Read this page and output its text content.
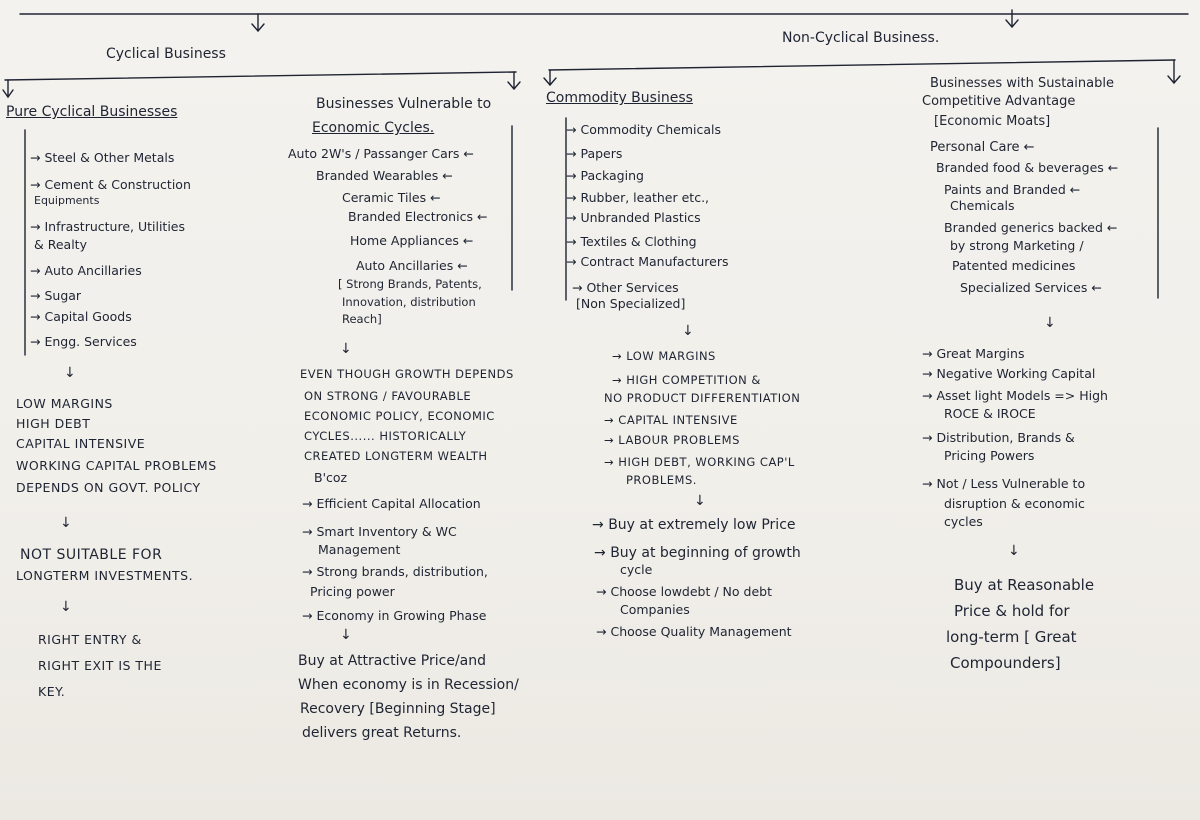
Cyclical Business
Non-Cyclical Business.
Pure Cyclical Businesses
→ Steel & Other Metals
→ Cement & Construction
Equipments
→ Infrastructure, Utilities
& Realty
→ Auto Ancillaries
→ Sugar
→ Capital Goods
→ Engg. Services
↓
LOW MARGINS
HIGH DEBT
CAPITAL INTENSIVE
WORKING CAPITAL PROBLEMS
DEPENDS ON GOVT. POLICY
↓
NOT SUITABLE FOR
LONGTERM INVESTMENTS.
↓
RIGHT ENTRY &
RIGHT EXIT IS THE
KEY.
Businesses Vulnerable to
Economic Cycles.
Auto 2W's / Passanger Cars ←
Branded Wearables ←
Ceramic Tiles ←
Branded Electronics ←
Home Appliances ←
Auto Ancillaries ←
[ Strong Brands, Patents,
Innovation, distribution
Reach]
↓
EVEN THOUGH GROWTH DEPENDS
ON STRONG / FAVOURABLE
ECONOMIC POLICY, ECONOMIC
CYCLES...... HISTORICALLY
CREATED LONGTERM WEALTH
B'coz
→ Efficient Capital Allocation
→ Smart Inventory & WC
Management
→ Strong brands, distribution,
Pricing power
→ Economy in Growing Phase
↓
Buy at Attractive Price/and
When economy is in Recession/
Recovery [Beginning Stage]
delivers great Returns.
Commodity Business
→ Commodity Chemicals
→ Papers
→ Packaging
→ Rubber, leather etc.,
→ Unbranded Plastics
→ Textiles & Clothing
→ Contract Manufacturers
→ Other Services
[Non Specialized]
↓
→ LOW MARGINS
→ HIGH COMPETITION &
NO PRODUCT DIFFERENTIATION
→ CAPITAL INTENSIVE
→ LABOUR PROBLEMS
→ HIGH DEBT, WORKING CAP'L
PROBLEMS.
↓
→ Buy at extremely low Price
→ Buy at beginning of growth
cycle
→ Choose lowdebt / No debt
Companies
→ Choose Quality Management
Businesses with Sustainable
Competitive Advantage
[Economic Moats]
Personal Care ←
Branded food & beverages ←
Paints and Branded ←
Chemicals
Branded generics backed ←
by strong Marketing /
Patented medicines
Specialized Services ←
↓
→ Great Margins
→ Negative Working Capital
→ Asset light Models => High
ROCE & IROCE
→ Distribution, Brands &
Pricing Powers
→ Not / Less Vulnerable to
disruption & economic
cycles
↓
Buy at Reasonable
Price & hold for
long-term [ Great
Compounders]
